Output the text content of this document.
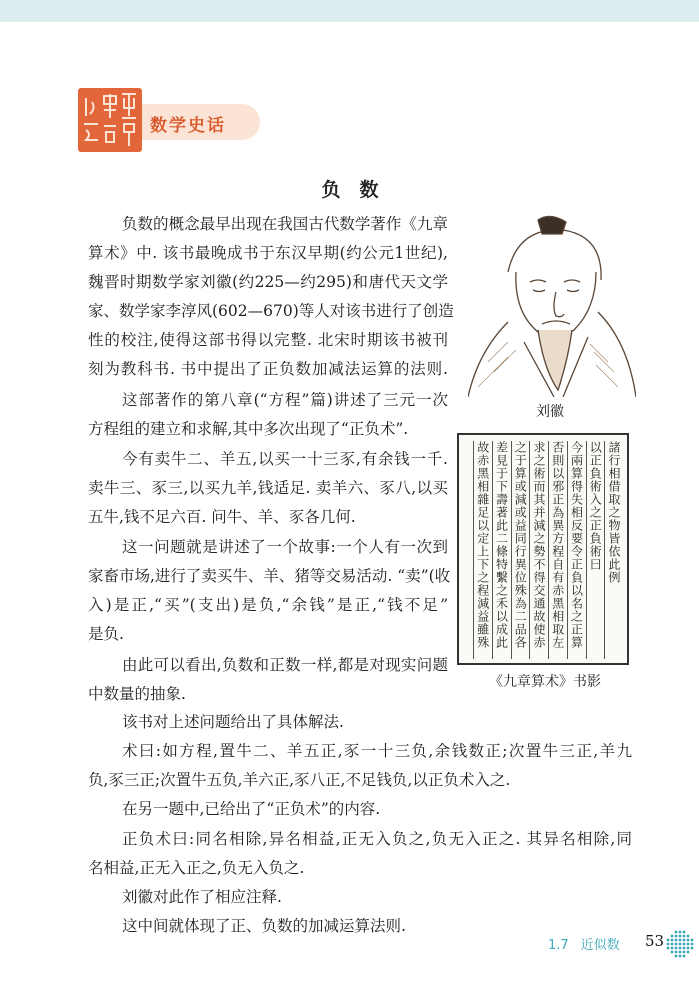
数学史话
负　数
负数的概念最早出现在我国古代数学著作《九章
算术》中. 该书最晚成书于东汉早期(约公元1世纪),
魏晋时期数学家刘徽(约225—约295)和唐代天文学
家、数学家李淳风(602—670)等人对该书进行了创造
性的校注,使得这部书得以完整. 北宋时期该书被刊
刻为教科书. 书中提出了正负数加减法运算的法则.
这部著作的第八章(“方程”篇)讲述了三元一次
方程组的建立和求解,其中多次出现了“正负术”.
今有卖牛二、羊五,以买一十三豕,有余钱一千.
卖牛三、豕三,以买九羊,钱适足. 卖羊六、豕八,以买
五牛,钱不足六百. 问牛、羊、豕各几何.
这一问题就是讲述了一个故事:一个人有一次到
家畜市场,进行了卖买牛、羊、猪等交易活动. “卖”(收
入)是正,“买”(支出)是负,“余钱”是正,“钱不足”
是负.
由此可以看出,负数和正数一样,都是对现实问题
中数量的抽象.
该书对上述问题给出了具体解法.
术曰:如方程,置牛二、羊五正,豕一十三负,余钱数正;次置牛三正,羊九
负,豕三正;次置牛五负,羊六正,豕八正,不足钱负,以正负术入之.
在另一题中,已给出了“正负术”的内容.
正负术曰:同名相除,异名相益,正无入负之,负无入正之. 其异名相除,同
名相益,正无入正之,负无入负之.
刘徽对此作了相应注释.
这中间就体现了正、负数的加减运算法则.
刘徽
諸行相借取之物皆依此例
以正負術入之正負術曰
今兩算得失相反要令正負以名之正算
否則以邪正為異方程自有赤黑相取左
求之術而其并減之勢不得交通故使赤
之于算或減或益同行異位殊為二品各
差見于下壽著此二條特繫之禾以成此
故赤黑相雜足以定上下之程減益雖殊
《九章算术》书影
1.7 近似数 53
